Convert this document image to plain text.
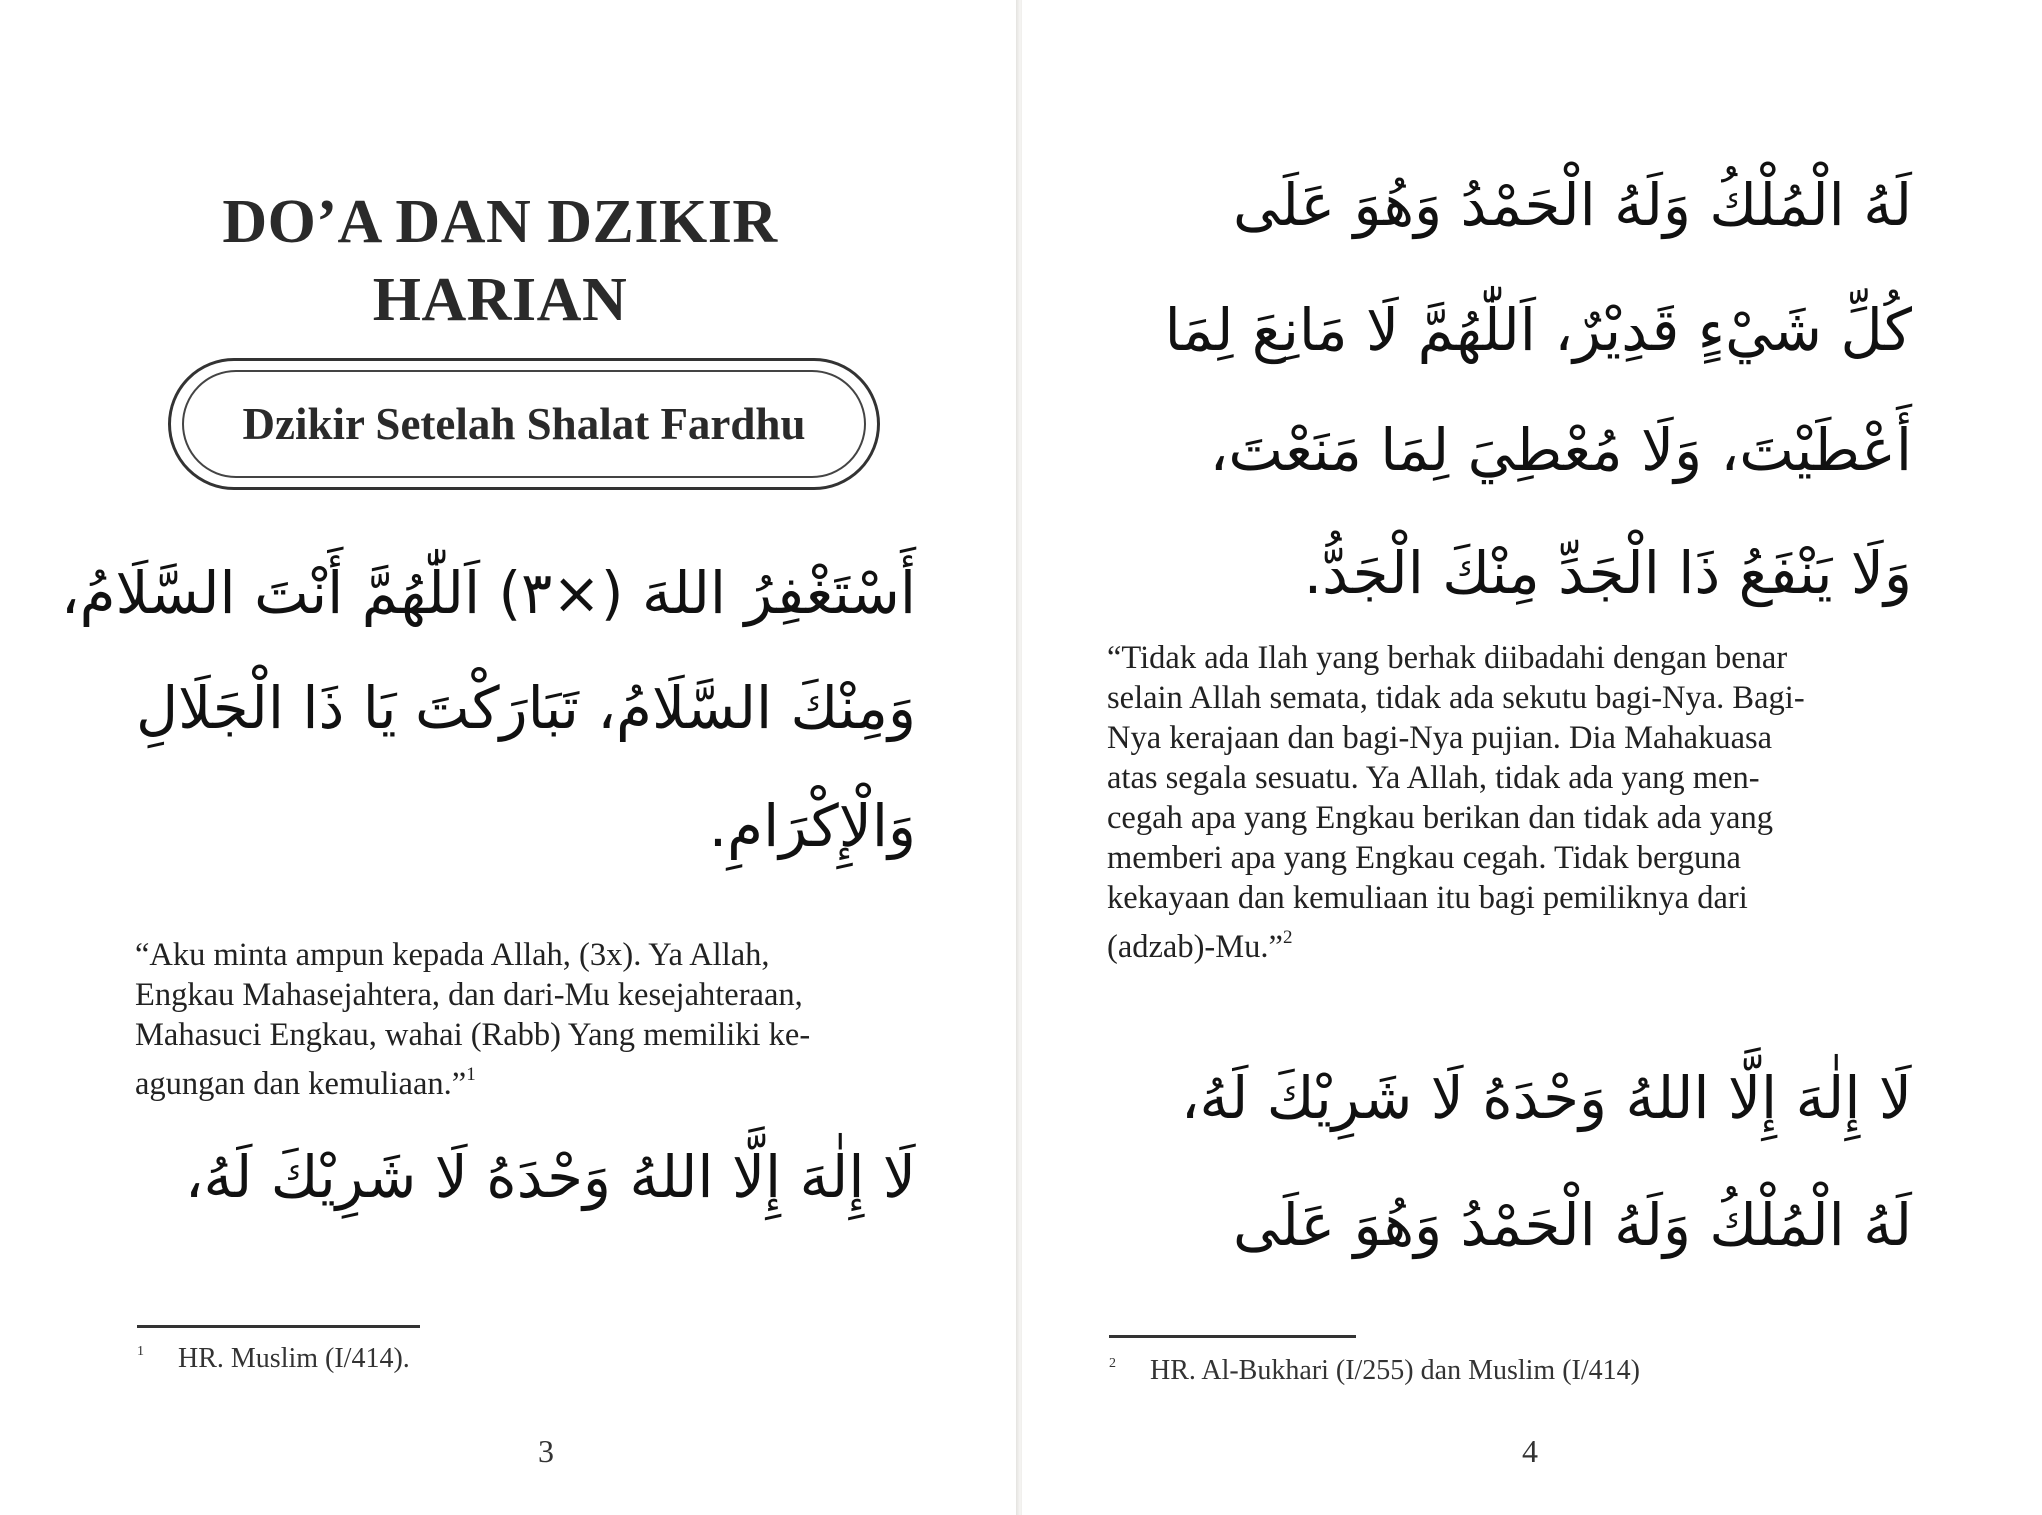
DO’A DAN DZIKIR
HARIAN
Dzikir Setelah Shalat Fardhu
أَسْتَغْفِرُ اللهَ (×٣) اَللّٰهُمَّ أَنْتَ السَّلَامُ،
وَمِنْكَ السَّلَامُ، تَبَارَكْتَ يَا ذَا الْجَلَالِ
وَالْإِكْرَامِ.
“Aku minta ampun kepada Allah, (3x). Ya Allah,
Engkau Mahasejahtera, dan dari-Mu kesejahteraan,
Mahasuci Engkau, wahai (Rabb) Yang memiliki ke-
agungan dan kemuliaan.”$^1$
لَا إِلٰهَ إِلَّا اللهُ وَحْدَهُ لَا شَرِيْكَ لَهُ،
$^1$ HR. Muslim (I/414).
3
لَهُ الْمُلْكُ وَلَهُ الْحَمْدُ وَهُوَ عَلَى
كُلِّ شَيْءٍ قَدِيْرٌ، اَللّٰهُمَّ لَا مَانِعَ لِمَا
أَعْطَيْتَ، وَلَا مُعْطِيَ لِمَا مَنَعْتَ،
وَلَا يَنْفَعُ ذَا الْجَدِّ مِنْكَ الْجَدُّ.
“Tidak ada Ilah yang berhak diibadahi dengan benar
selain Allah semata, tidak ada sekutu bagi-Nya. Bagi-
Nya kerajaan dan bagi-Nya pujian. Dia Mahakuasa
atas segala sesuatu. Ya Allah, tidak ada yang men-
cegah apa yang Engkau berikan dan tidak ada yang
memberi apa yang Engkau cegah. Tidak berguna
kekayaan dan kemuliaan itu bagi pemiliknya dari
(adzab)-Mu.”$^2$
لَا إِلٰهَ إِلَّا اللهُ وَحْدَهُ لَا شَرِيْكَ لَهُ،
لَهُ الْمُلْكُ وَلَهُ الْحَمْدُ وَهُوَ عَلَى
$^2$ HR. Al-Bukhari (I/255) dan Muslim (I/414)
4
